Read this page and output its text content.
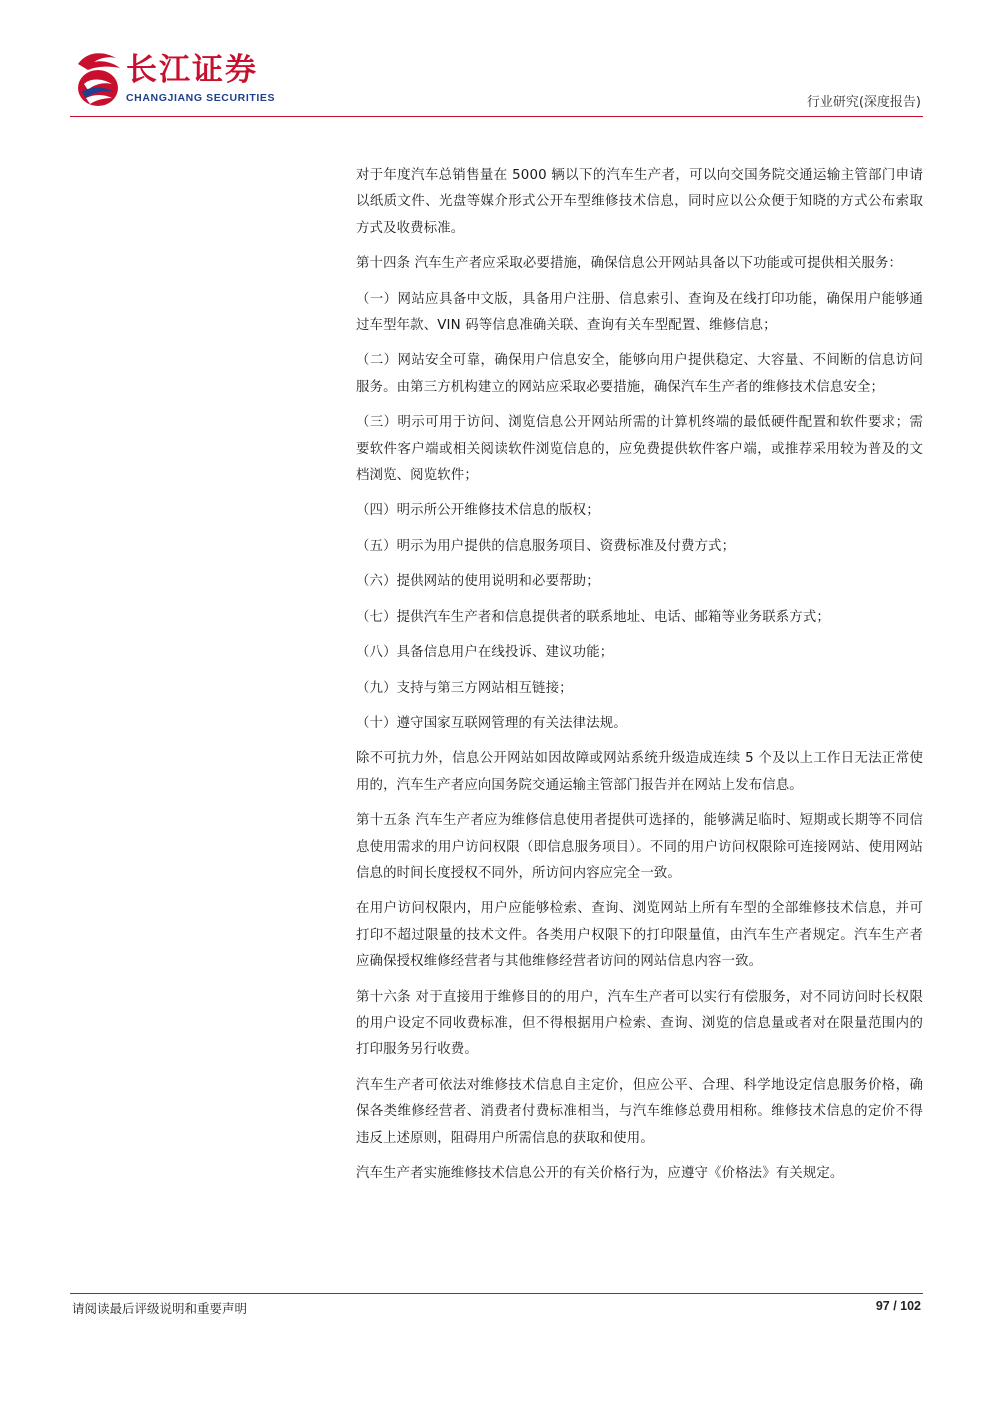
长江证券
CHANGJIANG SECURITIES	行业研究(深度报告)

对于年度汽车总销售量在 5000 辆以下的汽车生产者，可以向交国务院交通运输主管部门申请以纸质文件、光盘等媒介形式公开车型维修技术信息，同时应以公众便于知晓的方式公布索取方式及收费标准。

第十四条 汽车生产者应采取必要措施，确保信息公开网站具备以下功能或可提供相关服务：

（一）网站应具备中文版，具备用户注册、信息索引、查询及在线打印功能，确保用户能够通过车型年款、VIN 码等信息准确关联、查询有关车型配置、维修信息；

（二）网站安全可靠，确保用户信息安全，能够向用户提供稳定、大容量、不间断的信息访问服务。由第三方机构建立的网站应采取必要措施，确保汽车生产者的维修技术信息安全；

（三）明示可用于访问、浏览信息公开网站所需的计算机终端的最低硬件配置和软件要求；需要软件客户端或相关阅读软件浏览信息的，应免费提供软件客户端，或推荐采用较为普及的文档浏览、阅览软件；

（四）明示所公开维修技术信息的版权；

（五）明示为用户提供的信息服务项目、资费标准及付费方式；

（六）提供网站的使用说明和必要帮助；

（七）提供汽车生产者和信息提供者的联系地址、电话、邮箱等业务联系方式；

（八）具备信息用户在线投诉、建议功能；

（九）支持与第三方网站相互链接；

（十）遵守国家互联网管理的有关法律法规。

除不可抗力外，信息公开网站如因故障或网站系统升级造成连续 5 个及以上工作日无法正常使用的，汽车生产者应向国务院交通运输主管部门报告并在网站上发布信息。

第十五条 汽车生产者应为维修信息使用者提供可选择的，能够满足临时、短期或长期等不同信息使用需求的用户访问权限（即信息服务项目）。不同的用户访问权限除可连接网站、使用网站信息的时间长度授权不同外，所访问内容应完全一致。

在用户访问权限内，用户应能够检索、查询、浏览网站上所有车型的全部维修技术信息，并可打印不超过限量的技术文件。各类用户权限下的打印限量值，由汽车生产者规定。汽车生产者应确保授权维修经营者与其他维修经营者访问的网站信息内容一致。

第十六条 对于直接用于维修目的的用户，汽车生产者可以实行有偿服务，对不同访问时长权限的用户设定不同收费标准，但不得根据用户检索、查询、浏览的信息量或者对在限量范围内的打印服务另行收费。

汽车生产者可依法对维修技术信息自主定价，但应公平、合理、科学地设定信息服务价格，确保各类维修经营者、消费者付费标准相当，与汽车维修总费用相称。维修技术信息的定价不得违反上述原则，阻碍用户所需信息的获取和使用。

汽车生产者实施维修技术信息公开的有关价格行为，应遵守《价格法》有关规定。

请阅读最后评级说明和重要声明	97 / 102
